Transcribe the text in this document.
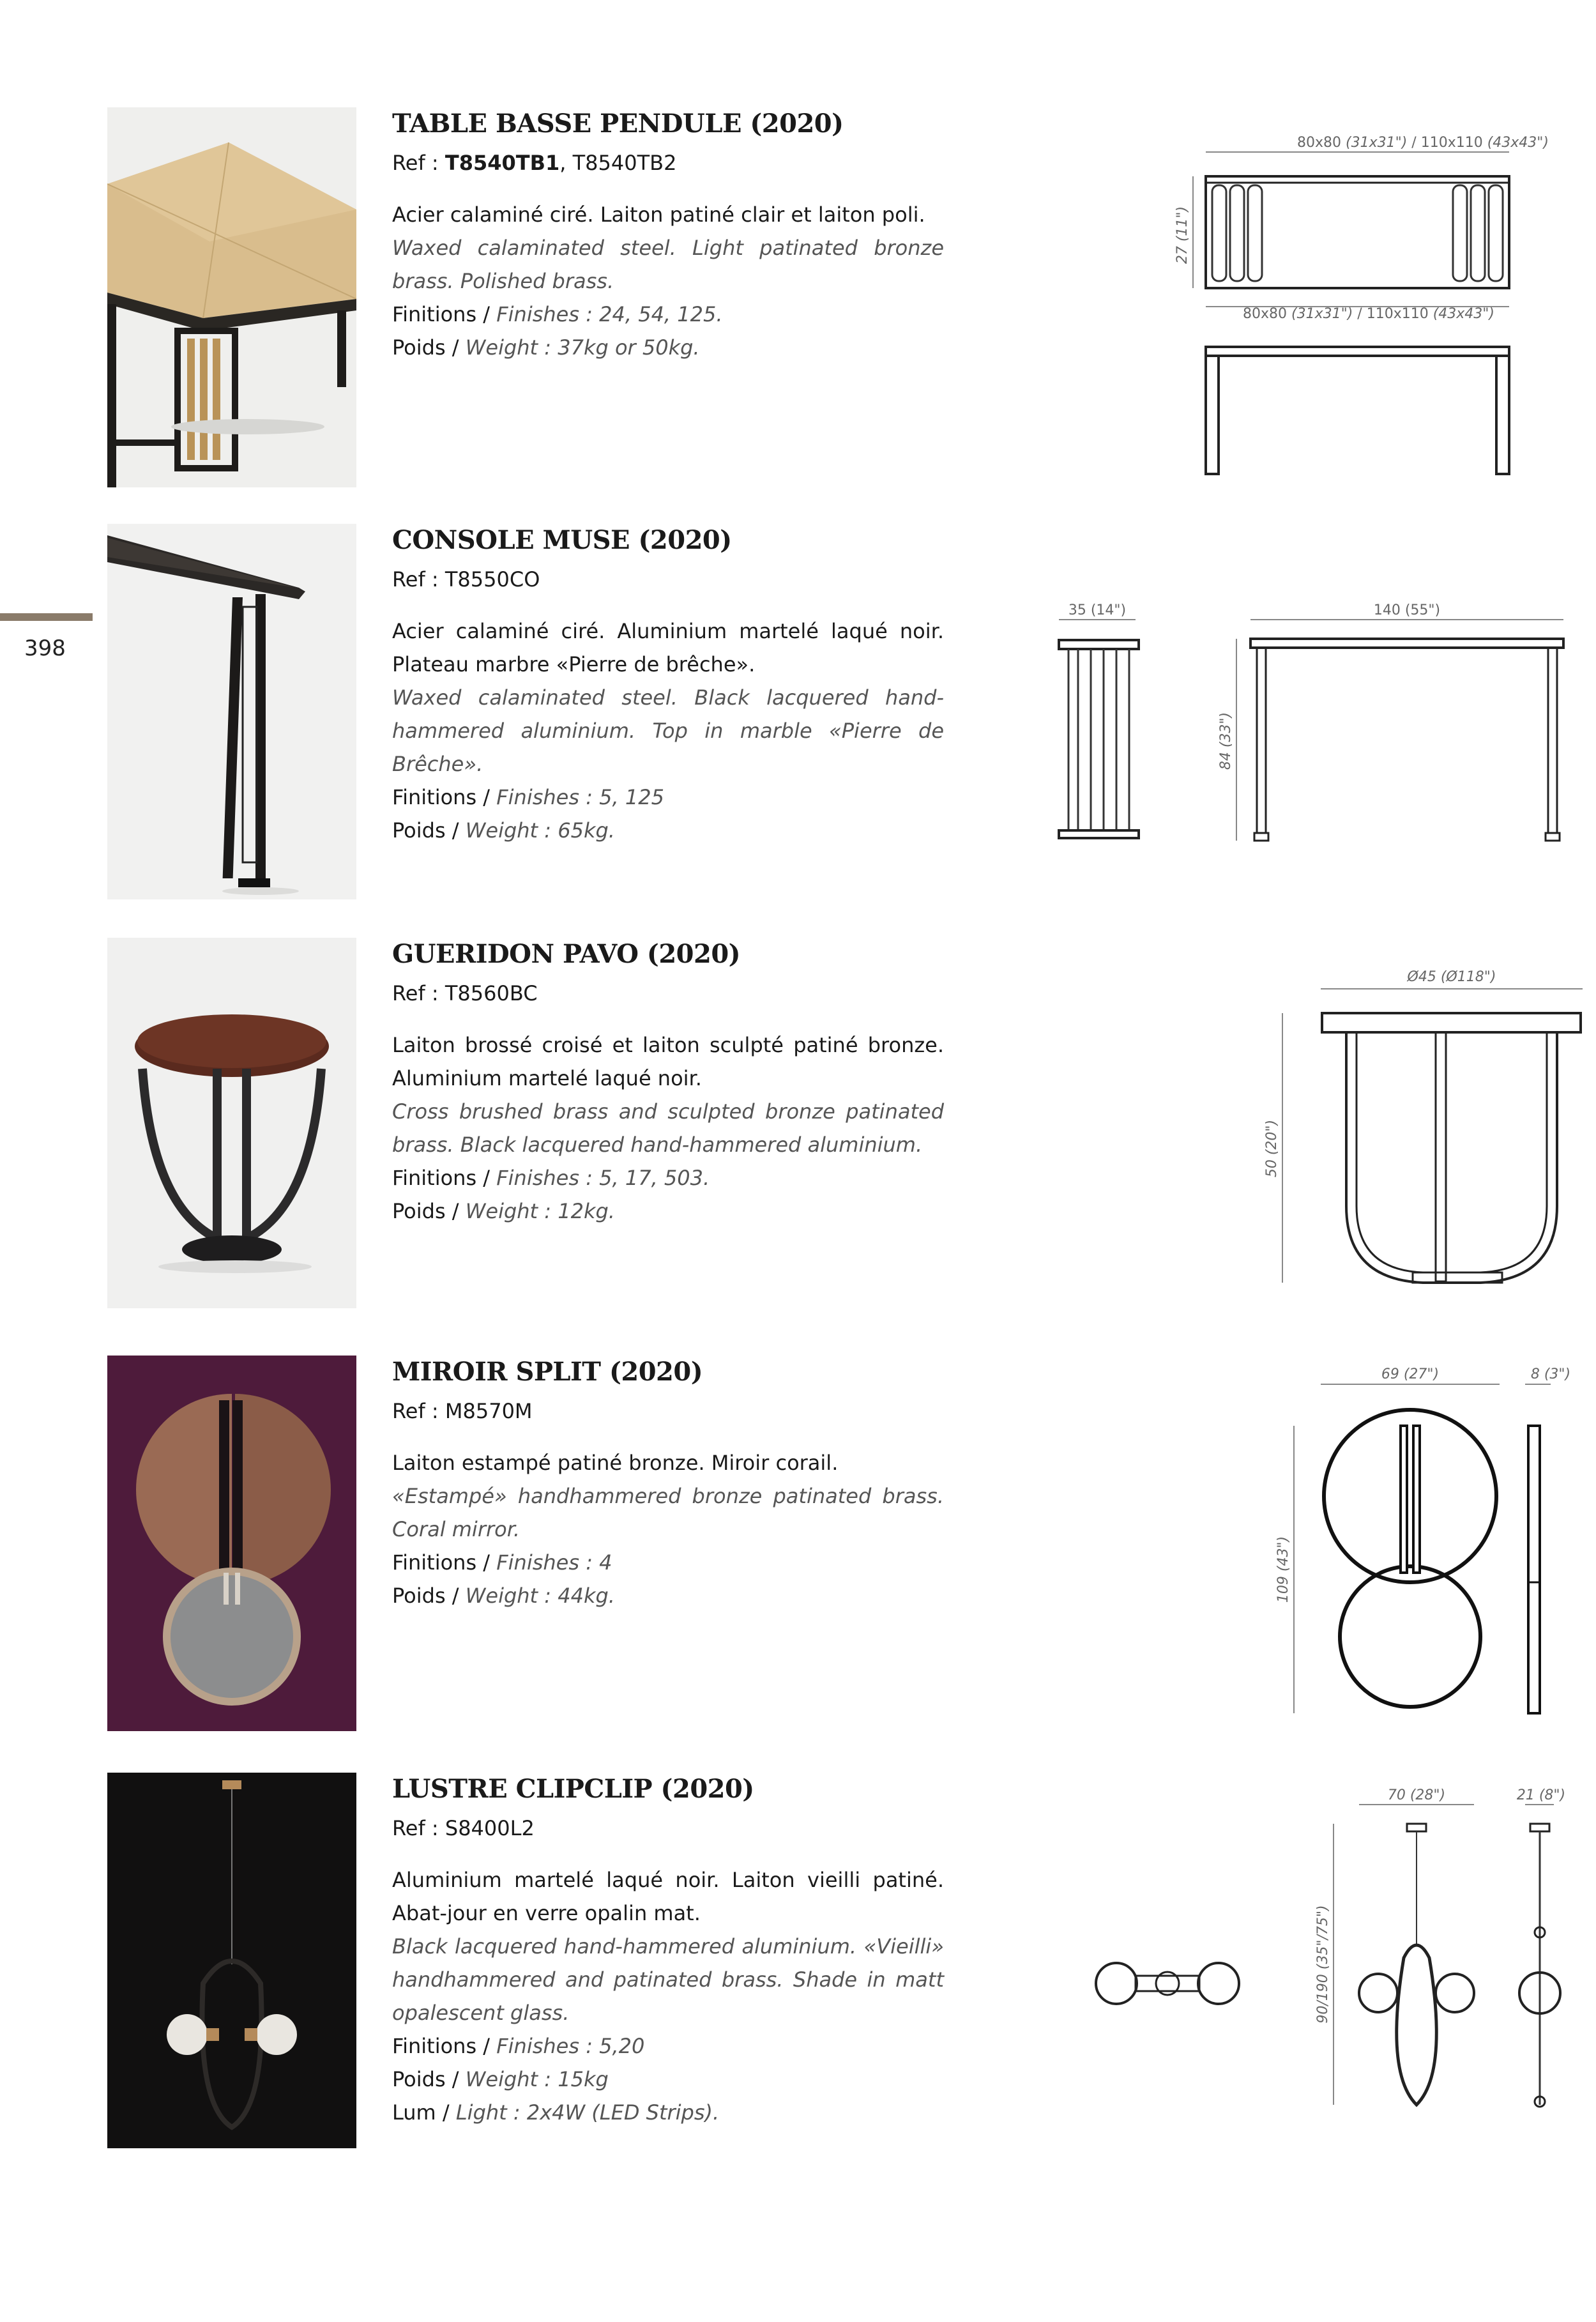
398
TABLE BASSE PENDULE (2020)
Ref : T8540TB1, T8540TB2
Acier calaminé ciré. Laiton patiné clair et laiton poli.
Waxed calaminated steel. Light patinated bronze brass. Polished brass.
Finitions / Finishes : 24, 54, 125.
Poids / Weight : 37kg or 50kg.
80x80 (31x31") / 110x110 (43x43")
27 (11")
80x80 (31x31") / 110x110 (43x43")
CONSOLE MUSE (2020)
Ref : T8550CO
Acier calaminé ciré. Aluminium martelé laqué noir. Plateau marbre «Pierre de brêche».
Waxed calaminated steel. Black lacquered hand-hammered aluminium. Top in marble «Pierre de Brêche».
Finitions / Finishes : 5, 125
Poids / Weight : 65kg.
35 (14")	140 (55")
84 (33")
GUERIDON PAVO (2020)
Ref : T8560BC
Laiton brossé croisé et laiton sculpté patiné bronze. Aluminium martelé laqué noir.
Cross brushed brass and sculpted bronze patinated brass. Black lacquered hand-hammered aluminium.
Finitions / Finishes : 5, 17, 503.
Poids / Weight : 12kg.
Ø45 (Ø118")
50 (20")
MIROIR SPLIT (2020)
Ref : M8570M
Laiton estampé patiné bronze. Miroir corail.
«Estampé» handhammered bronze patinated brass. Coral mirror.
Finitions / Finishes : 4
Poids / Weight : 44kg.
69 (27")	8 (3")
109 (43")
LUSTRE CLIPCLIP (2020)
Ref : S8400L2
Aluminium martelé laqué noir. Laiton vieilli patiné. Abat-jour en verre opalin mat.
Black lacquered hand-hammered aluminium. «Vieilli» handhammered and patinated brass. Shade in matt opalescent glass.
Finitions / Finishes : 5,20
Poids / Weight : 15kg
Lum / Light : 2x4W (LED Strips).
70 (28")
90/190 (35"/75")
21 (8")
